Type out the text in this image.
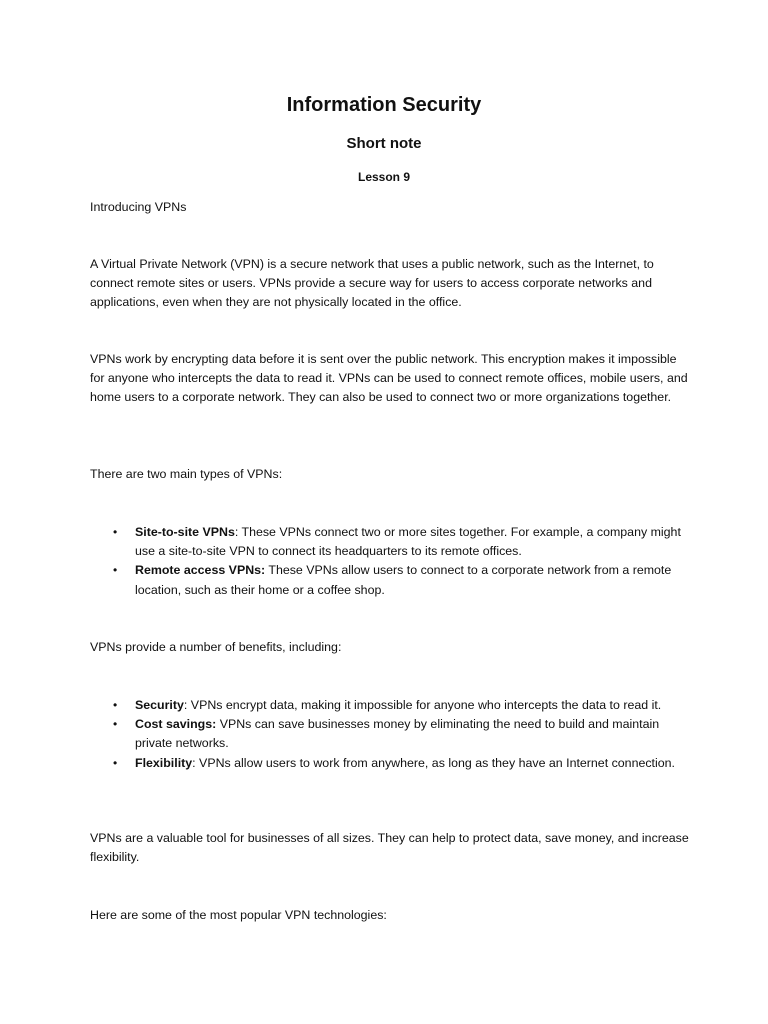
Information Security
Short note
Lesson 9
Introducing VPNs
A Virtual Private Network (VPN) is a secure network that uses a public network, such as the Internet, to connect remote sites or users. VPNs provide a secure way for users to access corporate networks and applications, even when they are not physically located in the office.
VPNs work by encrypting data before it is sent over the public network. This encryption makes it impossible for anyone who intercepts the data to read it. VPNs can be used to connect remote offices, mobile users, and home users to a corporate network. They can also be used to connect two or more organizations together.
There are two main types of VPNs:
• Site-to-site VPNs: These VPNs connect two or more sites together. For example, a company might use a site-to-site VPN to connect its headquarters to its remote offices.
• Remote access VPNs: These VPNs allow users to connect to a corporate network from a remote location, such as their home or a coffee shop.
VPNs provide a number of benefits, including:
• Security: VPNs encrypt data, making it impossible for anyone who intercepts the data to read it.
• Cost savings: VPNs can save businesses money by eliminating the need to build and maintain private networks.
• Flexibility: VPNs allow users to work from anywhere, as long as they have an Internet connection.
VPNs are a valuable tool for businesses of all sizes. They can help to protect data, save money, and increase flexibility.
Here are some of the most popular VPN technologies:
